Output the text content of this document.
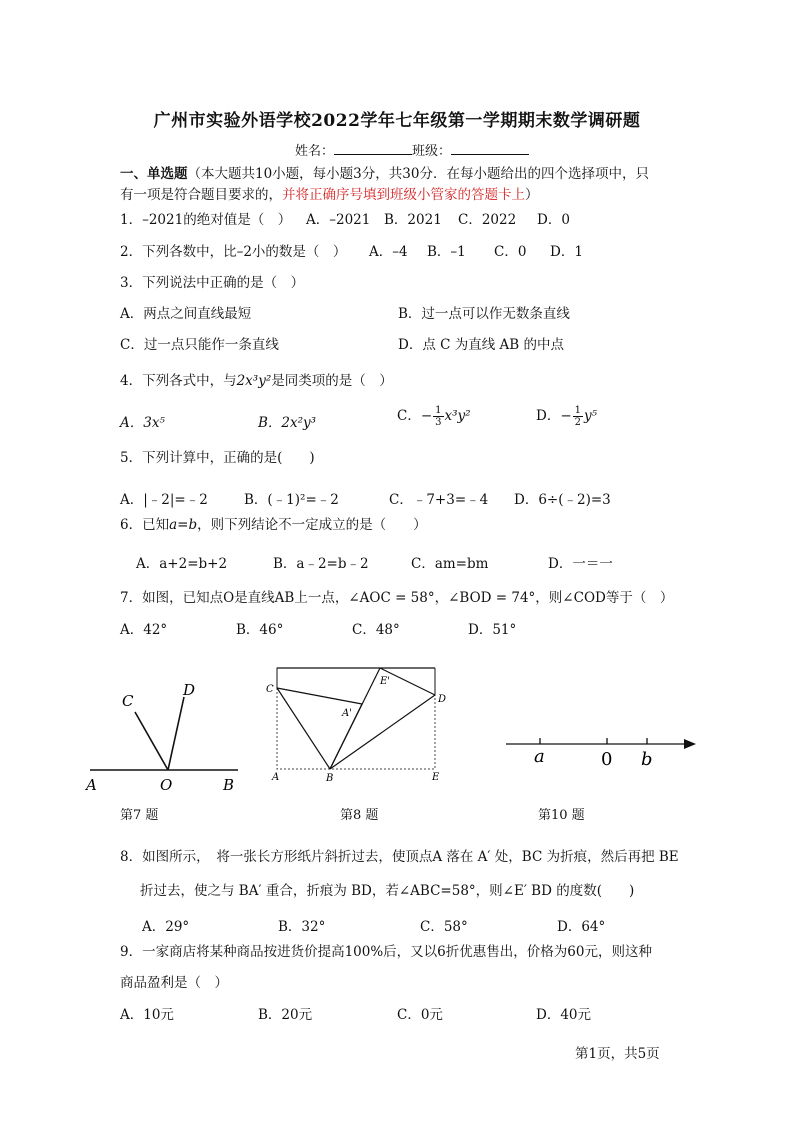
广州市实验外语学校2022学年七年级第一学期期末数学调研题
姓名：	班级：
一、单选题（本大题共10小题，每小题3分，共30分．在每小题给出的四个选择项中，只
有一项是符合题目要求的，并将正确序号填到班级小管家的答题卡上）
1．–2021的绝对值是（　） A．–2021 B．2021 C．2022 D．0
2．下列各数中，比–2小的数是（　） A．–4 B．–1 C．0 D．1
3．下列说法中正确的是（　）
A．两点之间直线最短	B．过一点可以作无数条直线
C．过一点只能作一条直线	D．点 C 为直线 AB 的中点
4．下列各式中，与2x³y²是同类项的是（　）
A．3x⁵	B．2x²y³	C．− $\frac{1}{3} x^3y^2$	D．− $\frac{1}{2} y^5$
5．下列计算中，正确的是(　　)
A．|﹣2|=﹣2	B．(﹣1)²=﹣2	C．﹣7+3=﹣4 D．6÷(﹣2)=3
6．已知a=b，则下列结论不一定成立的是（　　）
A．a+2=b+2	B．a﹣2=b﹣2	C．am=bm	D．一＝一
7．如图，已知点O是直线AB上一点，∠AOC = 58°，∠BOD = 74°，则∠COD等于（　）
A．42°	B．46°	C．48°	D．51°
A	O	B
C
D	C
E'
A'
D
A	B	E
a	0 b
第7 题	第8 题	第10 题
8．如图所示，　将一张长方形纸片斜折过去，使顶点A 落在 A′ 处，BC 为折痕，然后再把 BE
折过去，使之与 BA′ 重合，折痕为 BD，若∠ABC=58°，则∠E′ BD 的度数(　　)
A．29°	B．32°	C．58°	D．64°
9．一家商店将某种商品按进货价提高100%后，又以6折优惠售出，价格为60元，则这种
商品盈利是（　）
A．10元	B．20元	C．0元	D．40元
第1页，共5页
